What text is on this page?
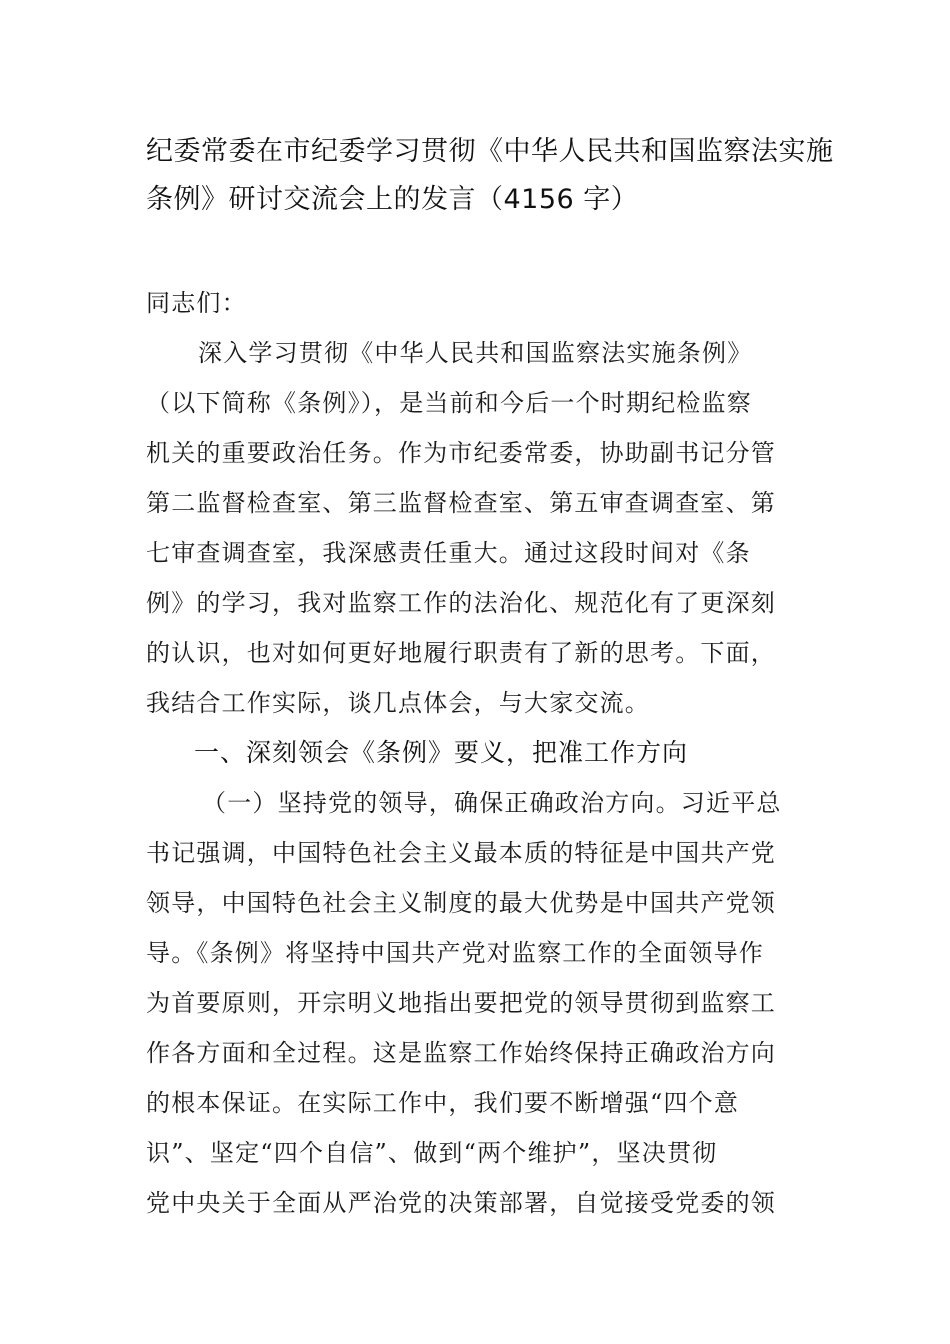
纪委常委在市纪委学习贯彻《中华人民共和国监察法实施
条例》研讨交流会上的发言（4156 字）
同志们：
深入学习贯彻《中华人民共和国监察法实施条例》
（以下简称《条例》），是当前和今后一个时期纪检监察
机关的重要政治任务。作为市纪委常委，协助副书记分管
第二监督检查室、第三监督检查室、第五审查调查室、第
七审查调查室，我深感责任重大。通过这段时间对《条
例》的学习，我对监察工作的法治化、规范化有了更深刻
的认识，也对如何更好地履行职责有了新的思考。下面，
我结合工作实际，谈几点体会，与大家交流。
一、深刻领会《条例》要义，把准工作方向
（一）坚持党的领导，确保正确政治方向。习近平总
书记强调，中国特色社会主义最本质的特征是中国共产党
领导，中国特色社会主义制度的最大优势是中国共产党领
导。《条例》将坚持中国共产党对监察工作的全面领导作
为首要原则，开宗明义地指出要把党的领导贯彻到监察工
作各方面和全过程。这是监察工作始终保持正确政治方向
的根本保证。在实际工作中，我们要不断增强“四个意
识”、坚定“四个自信”、做到“两个维护”，坚决贯彻
党中央关于全面从严治党的决策部署，自觉接受党委的领
